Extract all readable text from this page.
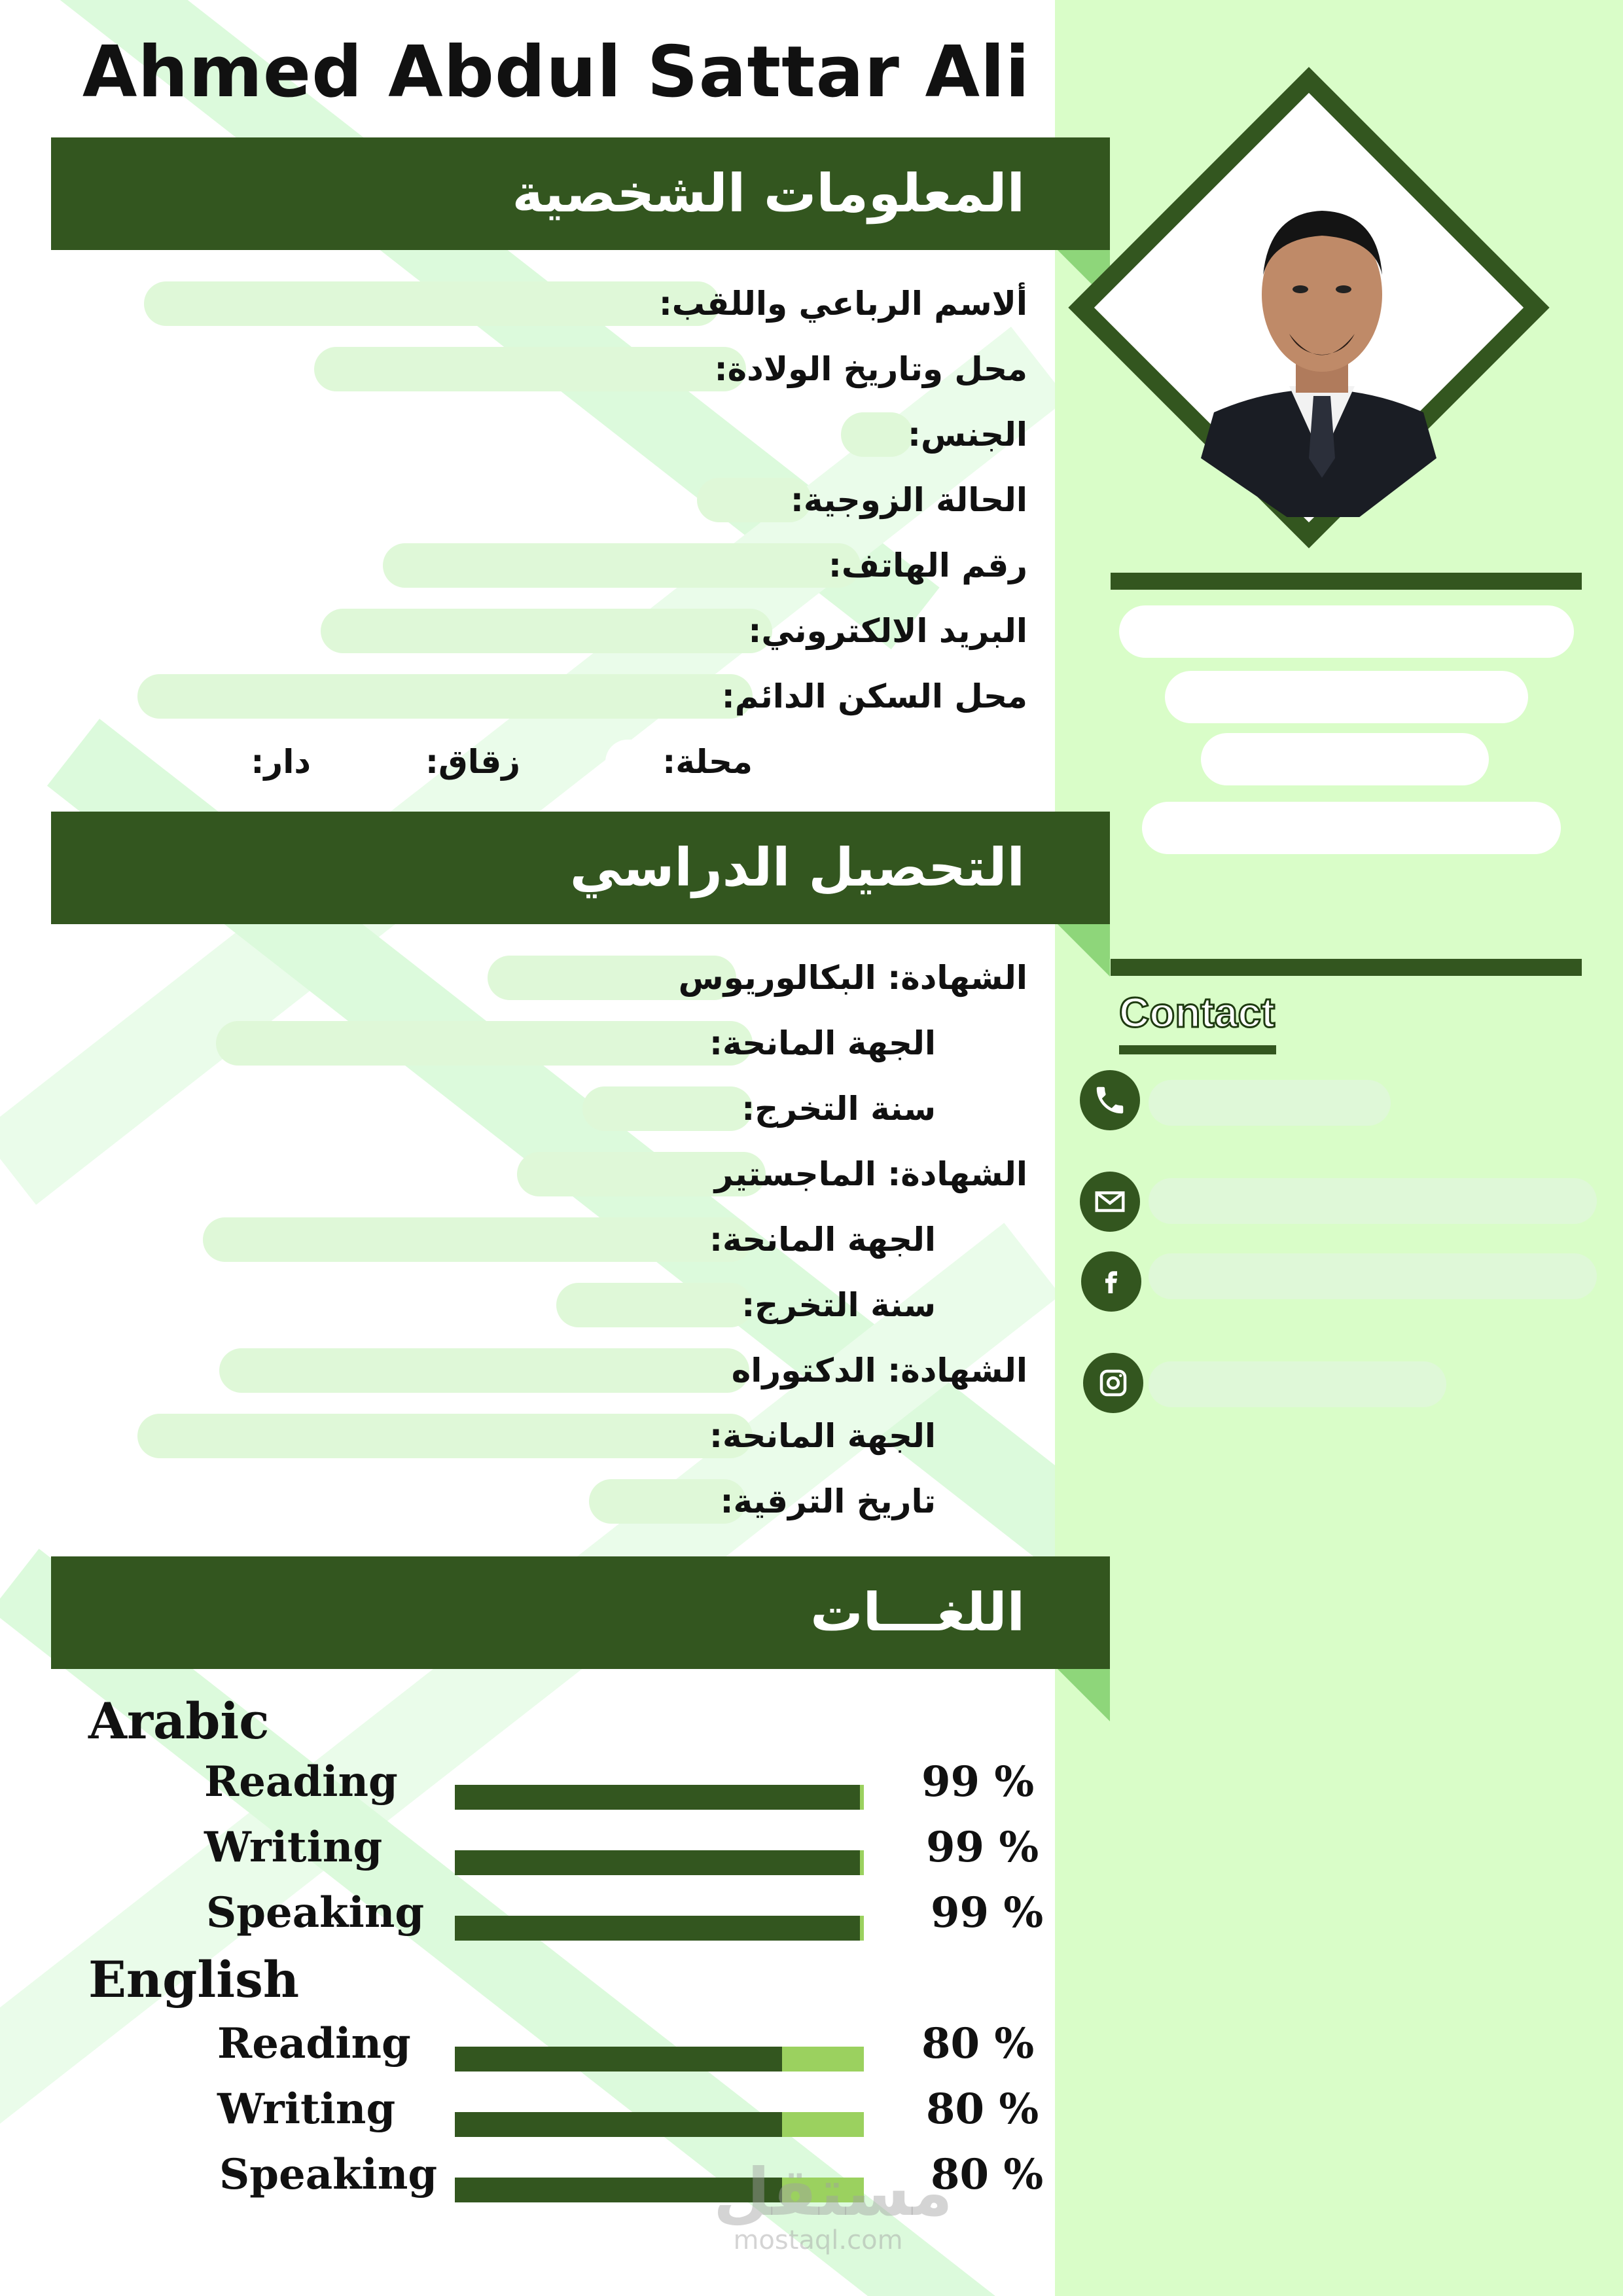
Ahmed Abdul Sattar Ali
المعلومات الشخصية
ألاسم الرباعي واللقب:
محل وتاريخ الولادة:
الجنس:
الحالة الزوجية:
رقم الهاتف:
البريد الالكتروني:
محل السكن الدائم:
محلة:
زقاق:
دار:
التحصيل الدراسي
الشهادة: البكالوريوس
الجهة المانحة:
سنة التخرج:
الشهادة: الماجستير
الجهة المانحة:
سنة التخرج:
الشهادة: الدكتوراه
الجهة المانحة:
تاريخ الترقية:
اللغـــات
Arabic
Reading	99 %
Writing	99 %
Speaking	99 %
English
Reading	80 %
Writing	80 %
Speaking	80 %
Contact
مستقل
mostaql.com
